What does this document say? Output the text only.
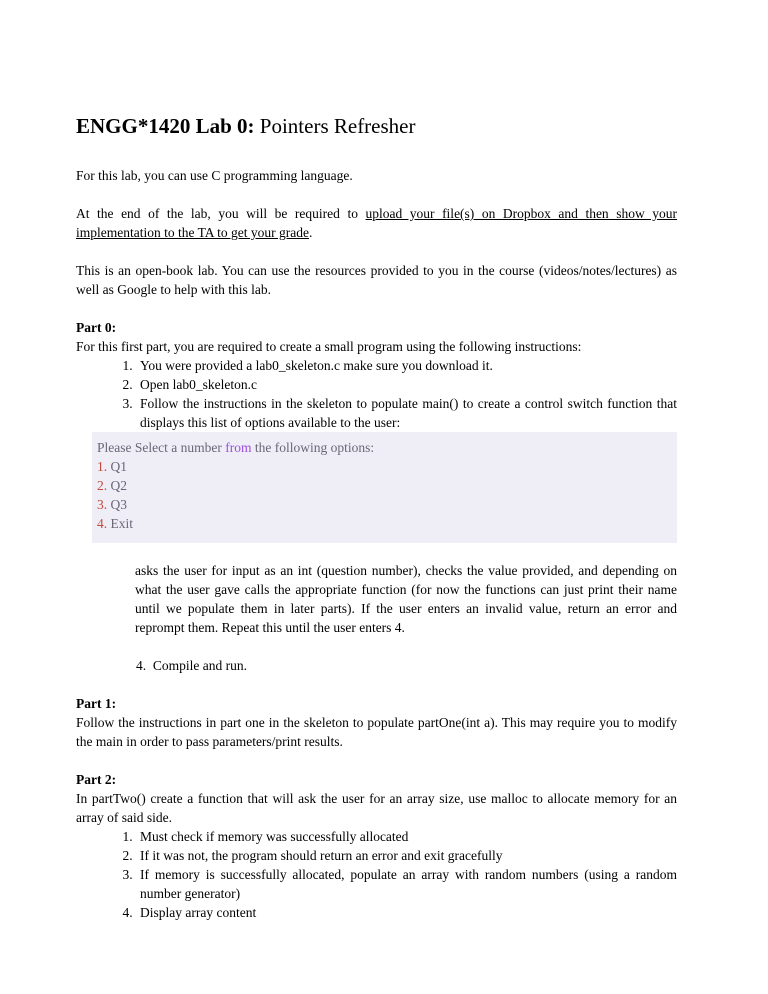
ENGG*1420 Lab 0: Pointers Refresher

For this lab, you can use C programming language.

At the end of the lab, you will be required to upload your file(s) on Dropbox and then show your implementation to the TA to get your grade.

This is an open-book lab. You can use the resources provided to you in the course (videos/notes/lectures) as well as Google to help with this lab.

Part 0:

For this first part, you are required to create a small program using the following instructions:

1. You were provided a lab0_skeleton.c make sure you download it.
2. Open lab0_skeleton.c
3. Follow the instructions in the skeleton to populate main() to create a control switch function that displays this list of options available to the user:
Please Select a number from the following options:
1. Q1
2. Q2
3. Q3
4. Exit

asks the user for input as an int (question number), checks the value provided, and depending on what the user gave calls the appropriate function (for now the functions can just print their name until we populate them in later parts). If the user enters an invalid value, return an error and reprompt them. Repeat this until the user enters 4.

4. Compile and run.

Part 1:

Follow the instructions in part one in the skeleton to populate partOne(int a). This may require you to modify the main in order to pass parameters/print results.

Part 2:

In partTwo() create a function that will ask the user for an array size, use malloc to allocate memory for an array of said side.

1. Must check if memory was successfully allocated
2. If it was not, the program should return an error and exit gracefully
3. If memory is successfully allocated, populate an array with random numbers (using a random number generator)
4. Display array content
